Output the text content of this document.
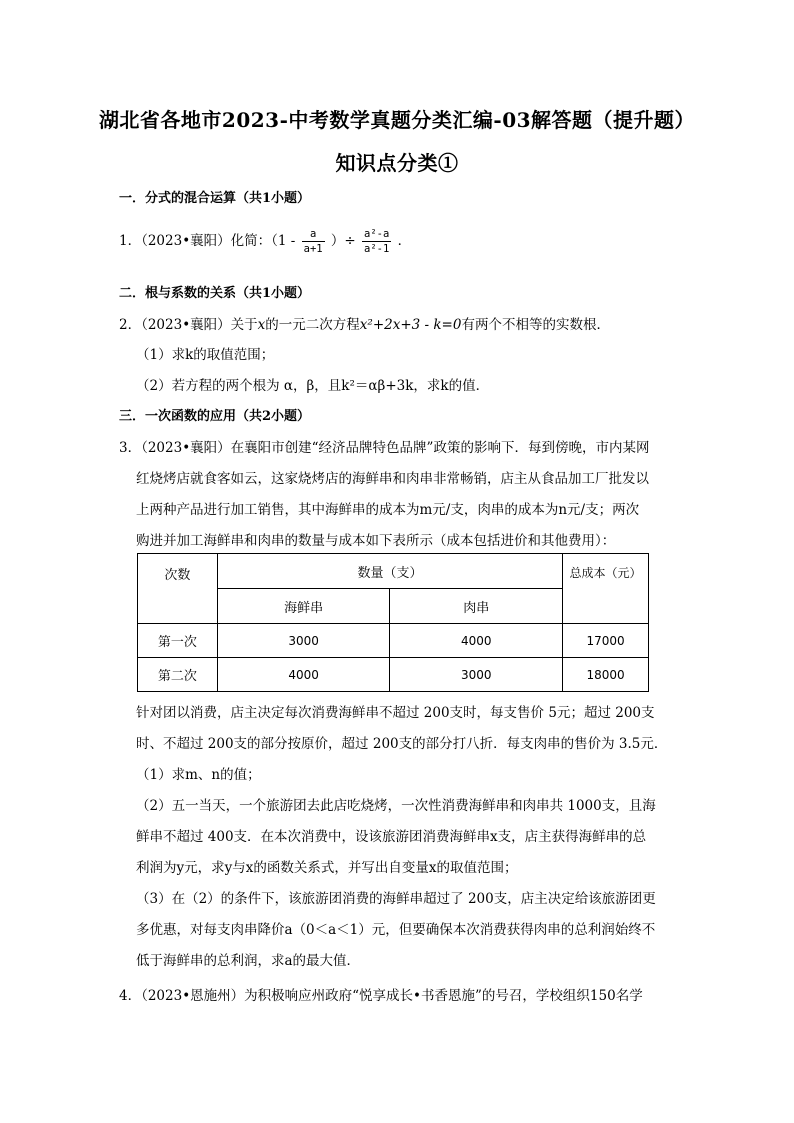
湖北省各地市2023-中考数学真题分类汇编-03解答题（提升题）
知识点分类①
一．分式的混合运算（共1小题）
1．（2023•襄阳）化简：（$1 - \frac{a}{a+1}$ ）÷ $\frac{\text{a²-a}}{\text{a²-1}}$ ．
二．根与系数的关系（共1小题）
2．（2023•襄阳）关于x的一元二次方程x²+2x+3 - k=0有两个不相等的实数根．
（1）求k的取值范围；
（2）若方程的两个根为 α，β，且k²＝αβ+3k，求k的值．
三．一次函数的应用（共2小题）
3．（2023•襄阳）在襄阳市创建“经济品牌特色品牌”政策的影响下．每到傍晚，市内某网
红烧烤店就食客如云，这家烧烤店的海鲜串和肉串非常畅销，店主从食品加工厂批发以
上两种产品进行加工销售，其中海鲜串的成本为m元/支，肉串的成本为n元/支；两次
购进并加工海鲜串和肉串的数量与成本如下表所示（成本包括进价和其他费用）：
次数	数量（支）		总成本（元）
	海鲜串	肉串	
第一次	3000	4000	17000
第二次	4000	3000	18000
针对团以消费，店主决定每次消费海鲜串不超过 200支时，每支售价 5元；超过 200支
时、不超过 200支的部分按原价，超过 200支的部分打八折．每支肉串的售价为 3.5元．
（1）求m、n的值；
（2）五一当天，一个旅游团去此店吃烧烤，一次性消费海鲜串和肉串共 1000支，且海
鲜串不超过 400支．在本次消费中，设该旅游团消费海鲜串x支，店主获得海鲜串的总
利润为y元，求y与x的函数关系式，并写出自变量x的取值范围；
（3）在（2）的条件下，该旅游团消费的海鲜串超过了 200支，店主决定给该旅游团更
多优惠，对每支肉串降价a（0＜a＜1）元，但要确保本次消费获得肉串的总利润始终不
低于海鲜串的总利润，求a的最大值．
4．（2023•恩施州）为积极响应州政府“悦享成长•书香恩施”的号召，学校组织150名学
